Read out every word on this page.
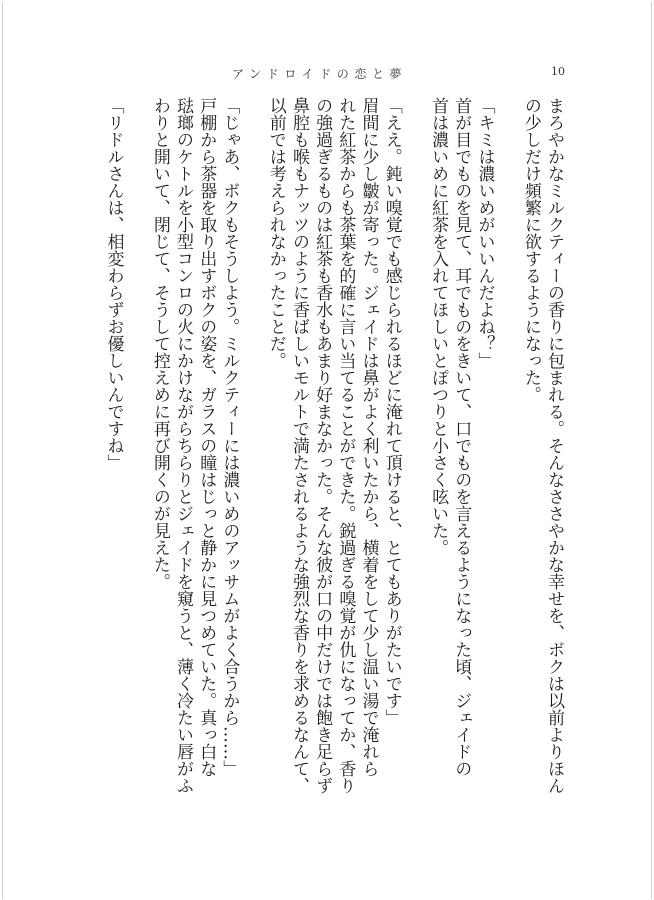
アンドロイドの恋と夢	10
まろやかなミルクティーの香りに包まれる。そんなささやかな幸せを、ボクは以前よりほん
の少しだけ頻繁に欲するようになった。
「キミは濃いめがいいんだよね？」
首が目でものを見て、耳でものをきいて、口でものを言えるようになった頃、ジェイドの
首は濃いめに紅茶を入れてほしいとぽつりと小さく呟いた。
「ええ。鈍い嗅覚でも感じられるほどに淹れて頂けると、とてもありがたいです」
眉間に少し皺が寄った。ジェイドは鼻がよく利いたから、横着をして少し温い湯で淹れら
れた紅茶からも茶葉を的確に言い当てることができた。鋭過ぎる嗅覚が仇になってか、香り
の強過ぎるものは紅茶も香水もあまり好まなかった。そんな彼が口の中だけでは飽き足らず
鼻腔も喉もナッツのように香ばしいモルトで満たされるような強烈な香りを求めるなんて、
以前では考えられなかったことだ。
「じゃあ、ボクもそうしよう。ミルクティーには濃いめのアッサムがよく合うから……」
戸棚から茶器を取り出すボクの姿を、ガラスの瞳はじっと静かに見つめていた。真っ白な
琺瑯のケトルを小型コンロの火にかけながらちらりとジェイドを窺うと、薄く冷たい唇がふ
わりと開いて、閉じて、そうして控えめに再び開くのが見えた。
「リドルさんは、相変わらずお優しいんですね」
